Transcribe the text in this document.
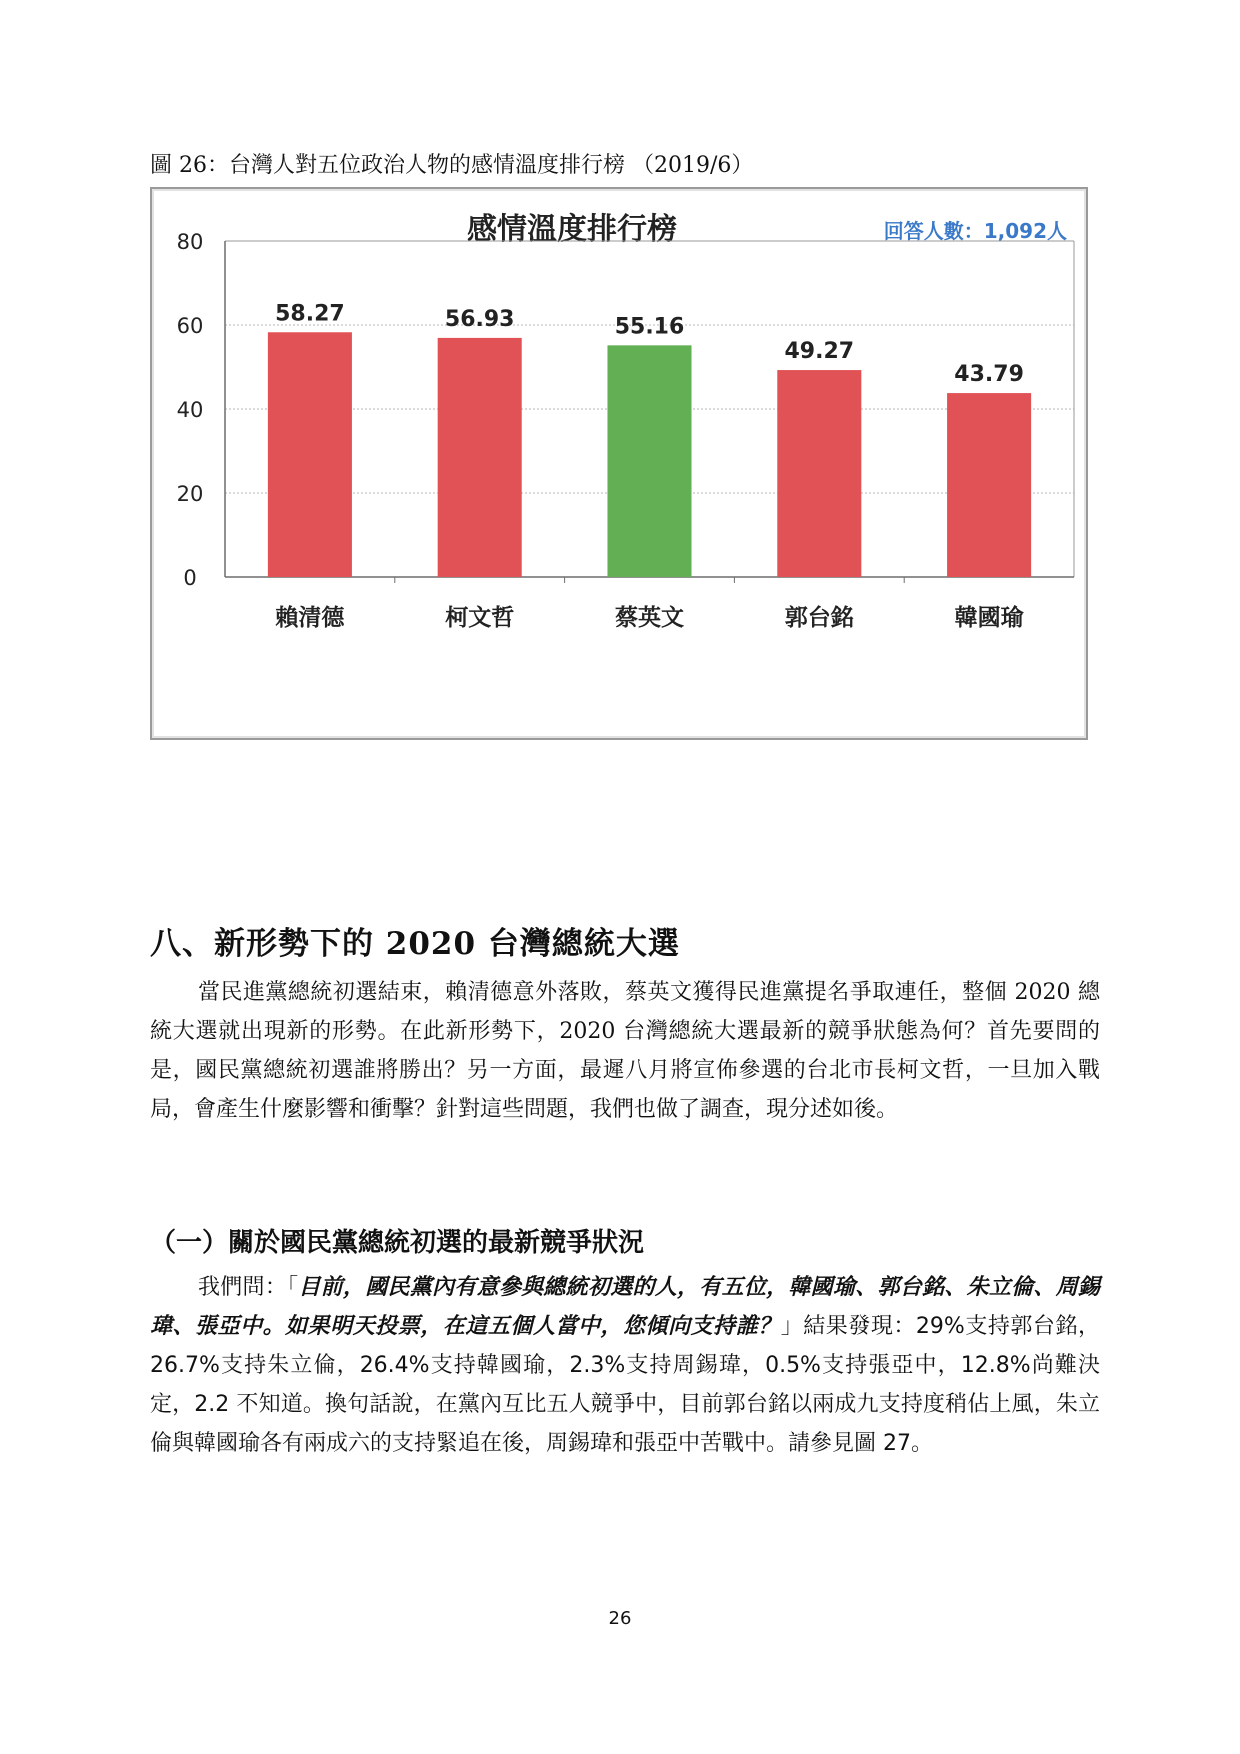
圖 26：台灣人對五位政治人物的感情溫度排行榜 （2019/6）
感情溫度排行榜	回答人數：1,092人
0
20
40
60
80
58.27
賴清德
56.93
柯文哲
55.16
蔡英文
49.27
郭台銘
43.79
韓國瑜
八、新形勢下的 2020 台灣總統大選

當民進黨總統初選結束，賴清德意外落敗，蔡英文獲得民進黨提名爭取連任，整個 2020 總統大選就出現新的形勢。在此新形勢下，2020 台灣總統大選最新的競爭狀態為何？首先要問的是，國民黨總統初選誰將勝出？另一方面，最遲八月將宣佈參選的台北市長柯文哲，一旦加入戰局，會產生什麼影響和衝擊？針對這些問題，我們也做了調查，現分述如後。

（一）關於國民黨總統初選的最新競爭狀況

我們問：「目前，國民黨內有意參與總統初選的人，有五位，韓國瑜、郭台銘、朱立倫、周錫瑋、張亞中。如果明天投票，在這五個人當中，您傾向支持誰？」結果發現：29%支持郭台銘，26.7%支持朱立倫，26.4%支持韓國瑜，2.3%支持周錫瑋，0.5%支持張亞中，12.8%尚難決定，2.2 不知道。換句話說，在黨內互比五人競爭中，目前郭台銘以兩成九支持度稍佔上風，朱立倫與韓國瑜各有兩成六的支持緊追在後，周錫瑋和張亞中苦戰中。請參見圖 27。

26
